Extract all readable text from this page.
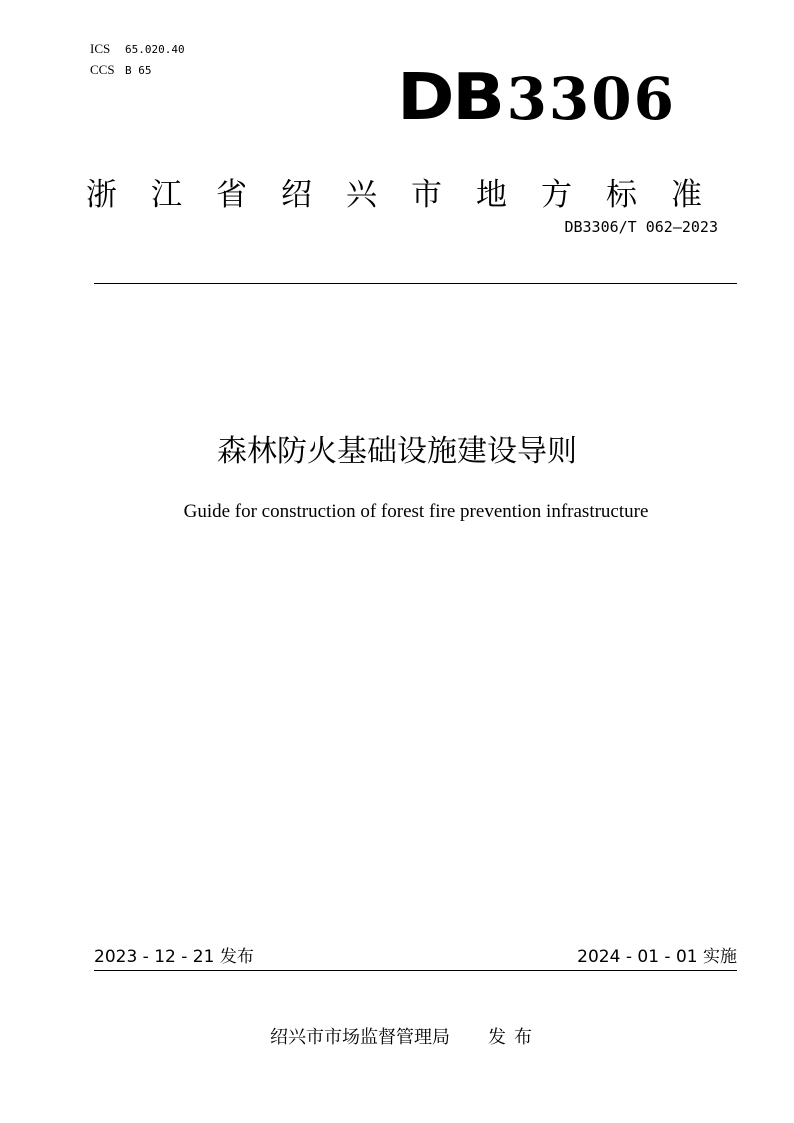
ICS	65.020.40
CCS B 65	DB3306
浙江省绍兴市地方标准
DB3306/T 062—2023
森林防火基础设施建设导则
Guide for construction of forest fire prevention infrastructure
2023 - 12 - 21 发布	2024 - 01 - 01 实施
绍兴市市场监督管理局 发布
